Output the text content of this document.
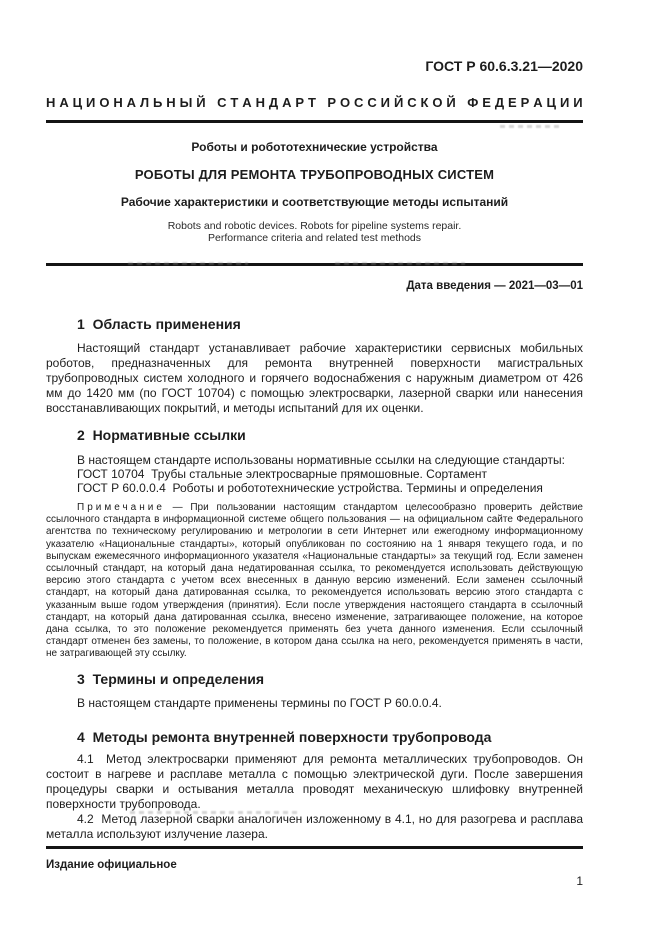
ГОСТ Р 60.6.3.21—2020
Н А Ц И О Н А Л Ь Н Ы Й
С Т А Н Д А Р Т
Р О С С И Й С К О Й
Ф Е Д Е Р А Ц И И
Роботы и робототехнические устройства
РОБОТЫ ДЛЯ РЕМОНТА ТРУБОПРОВОДНЫХ СИСТЕМ
Рабочие характеристики и соответствующие методы испытаний
Robots and robotic devices. Robots for pipeline systems repair.
Performance criteria and related test methods
Дата введения — 2021—03—01
1  Область применения

Настоящий стандарт устанавливает рабочие характеристики сервисных мобильных роботов, предназначенных для ремонта внутренней поверхности магистральных трубопроводных систем холодного и горячего водоснабжения с наружным диаметром от 426 мм до 1420 мм (по ГОСТ 10704) с помощью электросварки, лазерной сварки или нанесения восстанавливающих покрытий, и методы испытаний для их оценки.

2  Нормативные ссылки
В настоящем стандарте использованы нормативные ссылки на следующие стандарты:
ГОСТ 10704  Трубы стальные электросварные прямошовные. Сортамент
ГОСТ Р 60.0.0.4  Роботы и робототехнические устройства. Термины и определения

Примечание — При пользовании настоящим стандартом целесообразно проверить действие ссылочного стандарта в информационной системе общего пользования — на официальном сайте Федерального агентства по техническому регулированию и метрологии в сети Интернет или ежегодному информационному указателю «Национальные стандарты», который опубликован по состоянию на 1 января текущего года, и по выпускам ежемесячного информационного указателя «Национальные стандарты» за текущий год. Если заменен ссылочный стандарт, на который дана недатированная ссылка, то рекомендуется использовать действующую версию этого стандарта с учетом всех внесенных в данную версию изменений. Если заменен ссылочный стандарт, на который дана датированная ссылка, то рекомендуется использовать версию этого стандарта с указанным выше годом утверждения (принятия). Если после утверждения настоящего стандарта в ссылочный стандарт, на который дана датированная ссылка, внесено изменение, затрагивающее положение, на которое дана ссылка, то это положение рекомендуется применять без учета данного изменения. Если ссылочный стандарт отменен без замены, то положение, в котором дана ссылка на него, рекомендуется применять в части, не затрагивающей эту ссылку.

3  Термины и определения
В настоящем стандарте применены термины по ГОСТ Р 60.0.0.4.
4  Методы ремонта внутренней поверхности трубопровода

4.1  Метод электросварки применяют для ремонта металлических трубопроводов. Он состоит в нагреве и расплаве металла с помощью электрической дуги. После завершения процедуры сварки и остывания металла проводят механическую шлифовку внутренней поверхности трубопровода.

4.2  Метод лазерной сварки аналогичен изложенному в 4.1, но для разогрева и расплава металла используют излучение лазера.

Издание официальное
1
